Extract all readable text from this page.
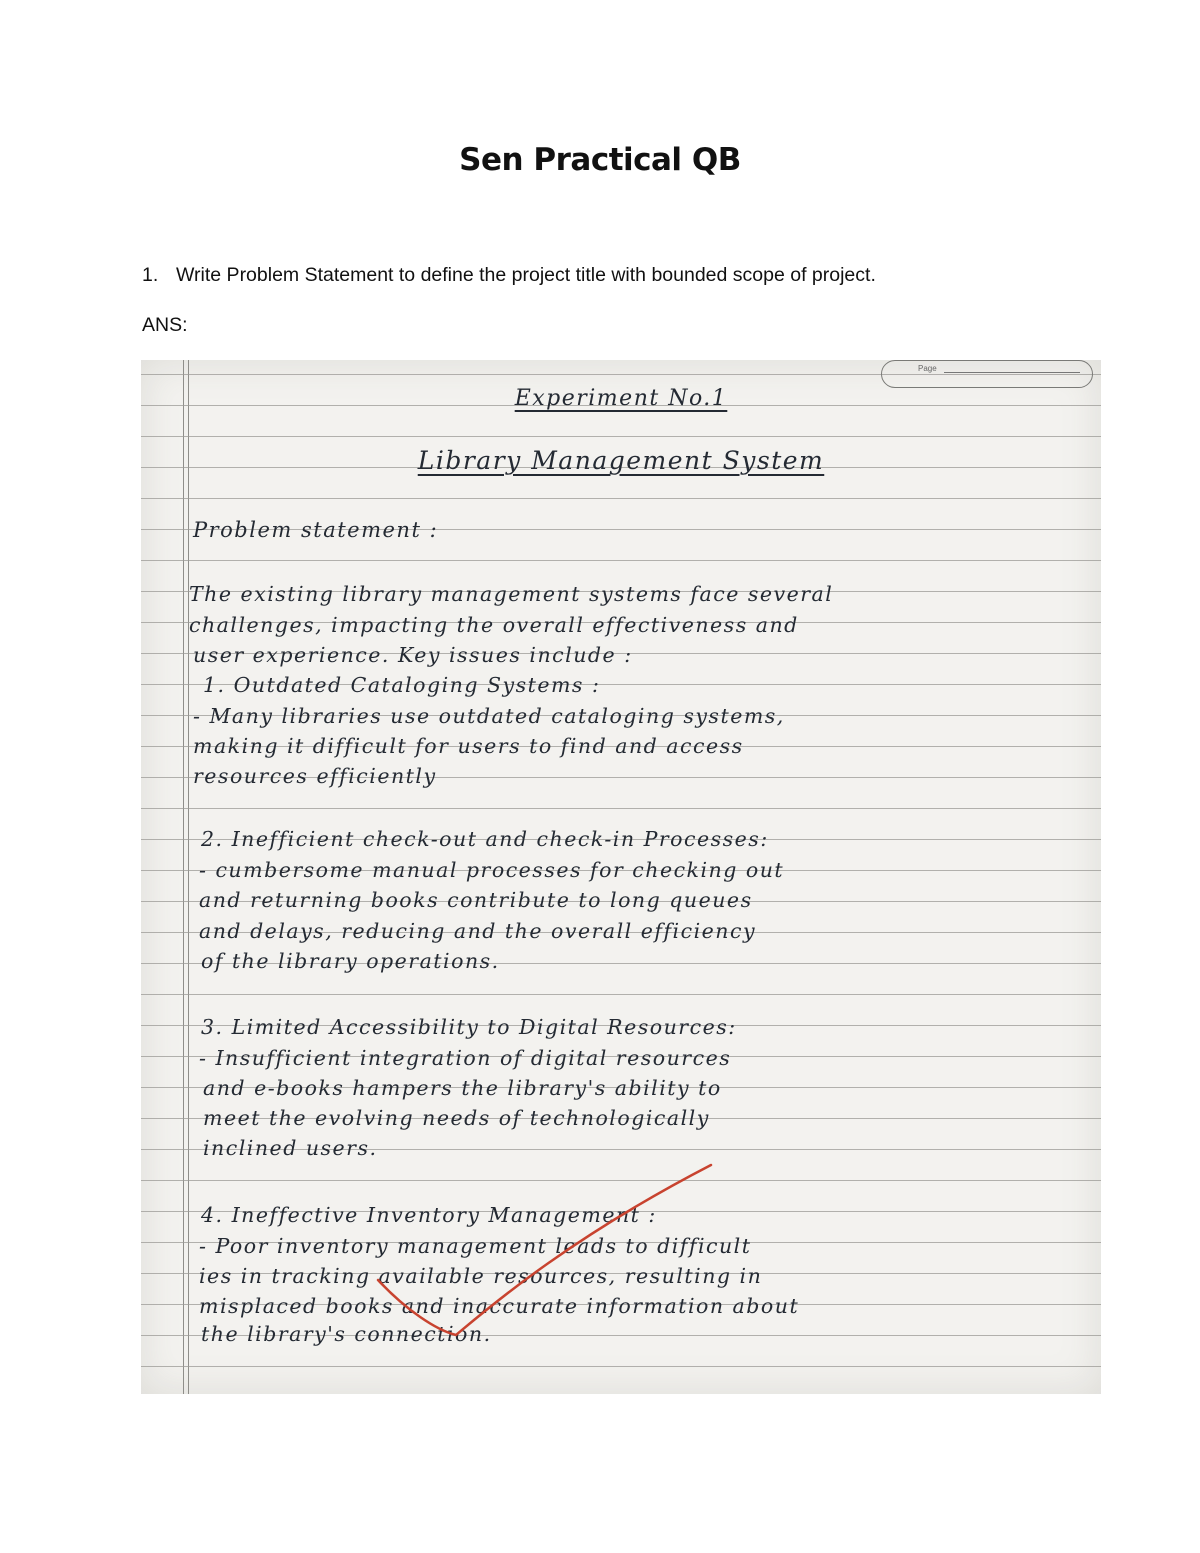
Sen Practical QB

1. Write Problem Statement to define the project title with bounded scope of project.

ANS:

Page

Experiment No.1

Library Management System

Problem statement :

The existing library management systems face several

challenges, impacting the overall effectiveness and

user experience. Key issues include :

1. Outdated Cataloging Systems :

- Many libraries use outdated cataloging systems,

making it difficult for users to find and access

resources efficiently

2. Inefficient check-out and check-in Processes:

- cumbersome manual processes for checking out

and returning books contribute to long queues

and delays, reducing and the overall efficiency

of the library operations.

3. Limited Accessibility to Digital Resources:

- Insufficient integration of digital resources

and e-books hampers the library's ability to

meet the evolving needs of technologically

inclined users.

4. Ineffective Inventory Management :

- Poor inventory management leads to difficult

ies in tracking available resources, resulting in

misplaced books and inaccurate information about

the library's connection.
